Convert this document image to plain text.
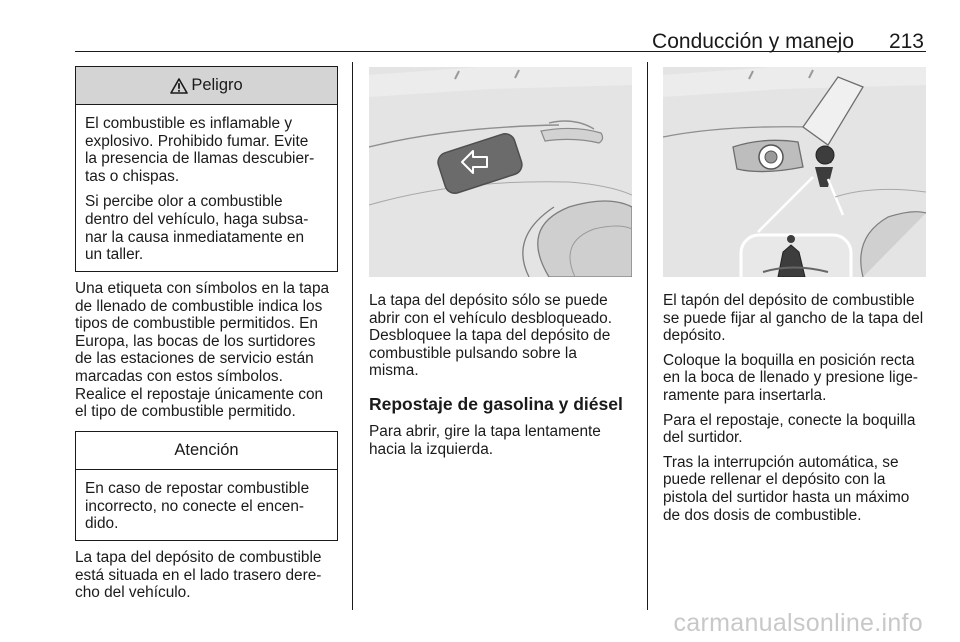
Conducción y manejo 213
Peligro
El combustible es inflamable y
explosivo. Prohibido fumar. Evite
la presencia de llamas descubier-
tas o chispas.
Si percibe olor a combustible
dentro del vehículo, haga subsa-
nar la causa inmediatamente en
un taller.
Una etiqueta con símbolos en la tapa
de llenado de combustible indica los
tipos de combustible permitidos. En
Europa, las bocas de los surtidores
de las estaciones de servicio están
marcadas con estos símbolos.
Realice el repostaje únicamente con
el tipo de combustible permitido.
Atención
En caso de repostar combustible
incorrecto, no conecte el encen-
dido.
La tapa del depósito de combustible
está situada en el lado trasero dere-
cho del vehículo.
La tapa del depósito sólo se puede
abrir con el vehículo desbloqueado.
Desbloquee la tapa del depósito de
combustible pulsando sobre la
misma.
Repostaje de gasolina y diésel
Para abrir, gire la tapa lentamente
hacia la izquierda.
El tapón del depósito de combustible
se puede fijar al gancho de la tapa del
depósito.
Coloque la boquilla en posición recta
en la boca de llenado y presione lige-
ramente para insertarla.
Para el repostaje, conecte la boquilla
del surtidor.
Tras la interrupción automática, se
puede rellenar el depósito con la
pistola del surtidor hasta un máximo
de dos dosis de combustible.
carmanualsonline.info
